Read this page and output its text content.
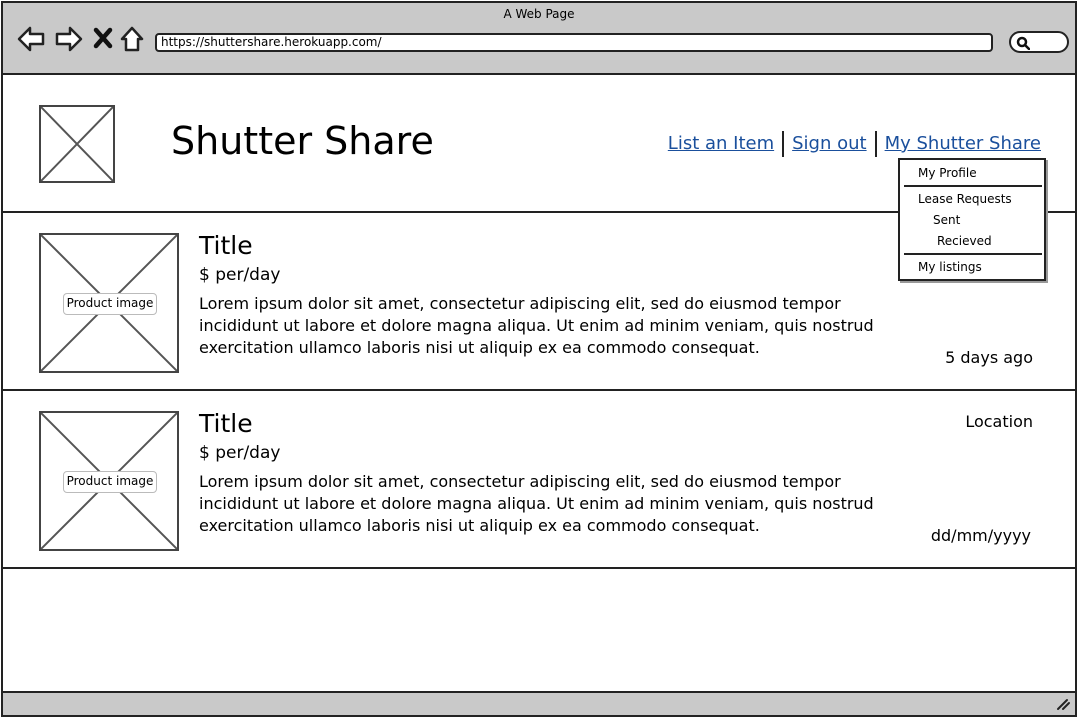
A Web Page
https://shuttershare.herokuapp.com/
Shutter Share	List an Item Sign out My Shutter Share
Product image
Title
$ per/day
Lorem ipsum dolor sit amet, consectetur adipiscing elit, sed do eiusmod tempor incididunt ut labore et dolore magna aliqua. Ut enim ad minim veniam, quis nostrud exercitation ullamco laboris nisi ut aliquip ex ea commodo consequat.
5 days ago
Product image
Title
$ per/day
Lorem ipsum dolor sit amet, consectetur adipiscing elit, sed do eiusmod tempor incididunt ut labore et dolore magna aliqua. Ut enim ad minim veniam, quis nostrud exercitation ullamco laboris nisi ut aliquip ex ea commodo consequat.
Location
dd/mm/yyyy
My Profile
Lease Requests
Sent
Recieved
My listings
